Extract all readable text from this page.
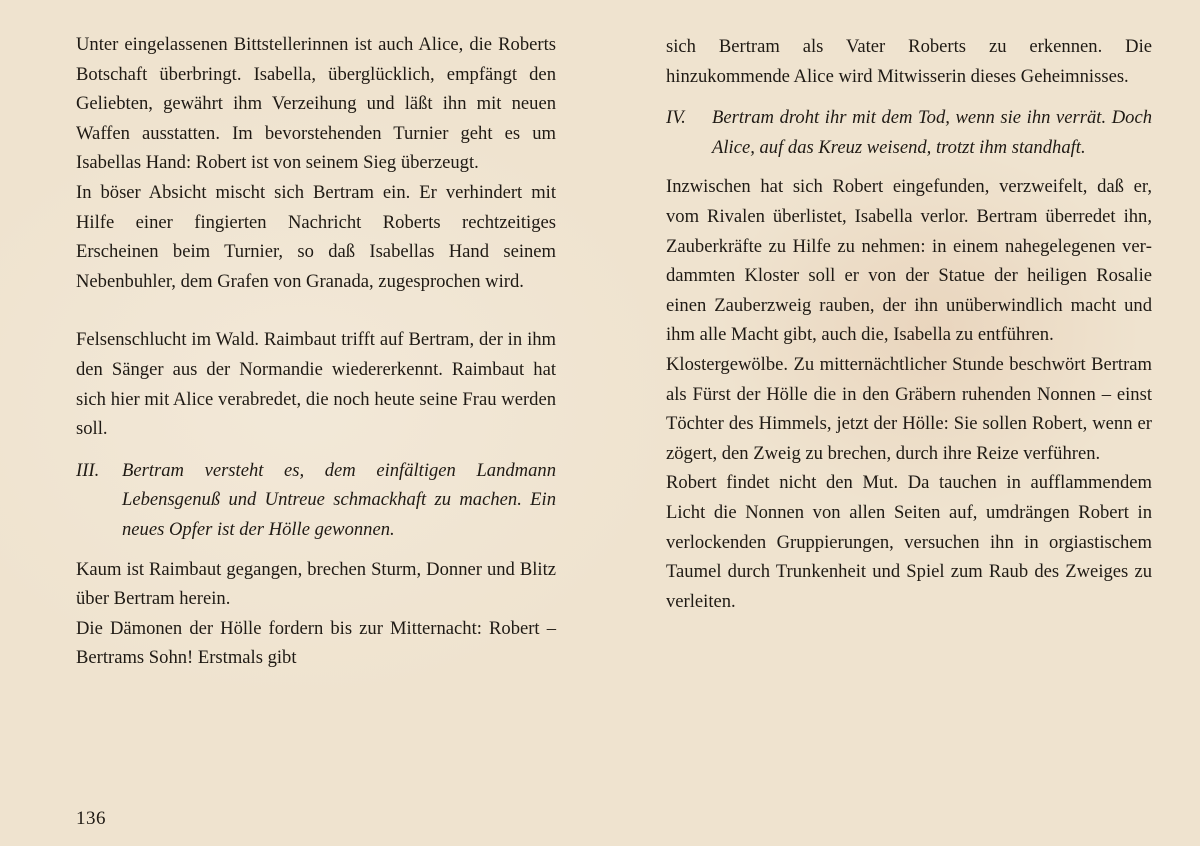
Unter eingelassenen Bittstellerinnen ist auch Alice, die Roberts Botschaft überbringt. Isabella, überglücklich, empfängt den Geliebten, gewährt ihm Verzeihung und läßt ihn mit neuen Waffen ausstatten. Im bevorstehenden Turnier geht es um Isabellas Hand: Robert ist von seinem Sieg überzeugt.

In böser Absicht mischt sich Bertram ein. Er verhindert mit Hilfe einer fingierten Nachricht Roberts rechtzeitiges Erscheinen beim Turnier, so daß Isabellas Hand seinem Nebenbuhler, dem Grafen von Granada, zugesprochen wird.

Felsenschlucht im Wald. Raimbaut trifft auf Bertram, der in ihm den Sänger aus der Normandie wiedererkennt. Raimbaut hat sich hier mit Alice verabredet, die noch heute seine Frau werden soll.

III.	Bertram versteht es, dem einfältigen Landmann Lebensgenuß und Untreue schmackhaft zu machen. Ein neues Opfer ist der Hölle gewonnen.

Kaum ist Raimbaut gegangen, brechen Sturm, Donner und Blitz über Bertram herein.

Die Dämonen der Hölle fordern bis zur Mitternacht: Robert – Bertrams Sohn! Erstmals gibt

sich Bertram als Vater Roberts zu erkennen. Die hinzukommende Alice wird Mitwisserin dieses Geheimnisses.

IV.	Bertram droht ihr mit dem Tod, wenn sie ihn verrät. Doch Alice, auf das Kreuz weisend, trotzt ihm standhaft.

Inzwischen hat sich Robert eingefunden, verzweifelt, daß er, vom Rivalen überlistet, Isabella verlor. Bertram überredet ihn, Zauberkräfte zu Hilfe zu nehmen: in einem nahegelegenen verdammten Kloster soll er von der Statue der heiligen Rosalie einen Zauberzweig rauben, der ihn unüberwindlich macht und ihm alle Macht gibt, auch die, Isabella zu entführen.

Klostergewölbe. Zu mitternächtlicher Stunde beschwört Bertram als Fürst der Hölle die in den Gräbern ruhenden Nonnen – einst Töchter des Himmels, jetzt der Hölle: Sie sollen Robert, wenn er zögert, den Zweig zu brechen, durch ihre Reize verführen.

Robert findet nicht den Mut. Da tauchen in aufflammendem Licht die Nonnen von allen Seiten auf, umdrängen Robert in verlockenden Gruppierungen, versuchen ihn in orgiastischem Taumel durch Trunkenheit und Spiel zum Raub des Zweiges zu verleiten.

136
